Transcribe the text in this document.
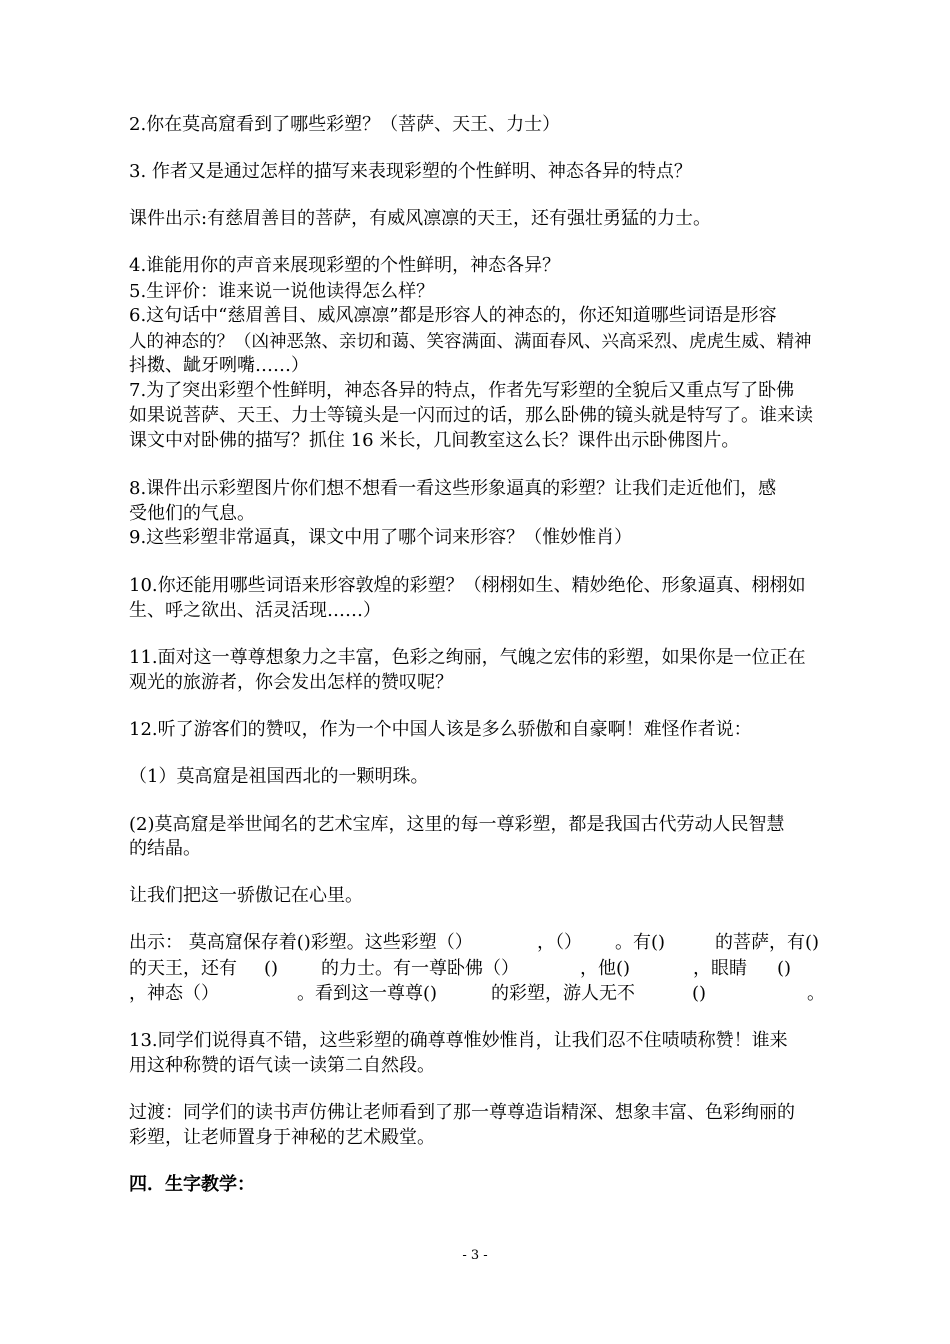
2.你在莫高窟看到了哪些彩塑？（菩萨、天王、力士）
3. 作者又是通过怎样的描写来表现彩塑的个性鲜明、神态各异的特点？
课件出示:有慈眉善目的菩萨，有威风凛凛的天王，还有强壮勇猛的力士。
4.谁能用你的声音来展现彩塑的个性鲜明，神态各异？
5.生评价：谁来说一说他读得怎么样？
6.这句话中“慈眉善目、威风凛凛”都是形容人的神态的，你还知道哪些词语是形容
人的神态的？（凶神恶煞、亲切和蔼、笑容满面、满面春风、兴高采烈、虎虎生威、精神
抖擞、龇牙咧嘴……）
7.为了突出彩塑个性鲜明，神态各异的特点，作者先写彩塑的全貌后又重点写了卧佛
如果说菩萨、天王、力士等镜头是一闪而过的话，那么卧佛的镜头就是特写了。谁来读
课文中对卧佛的描写？抓住 16 米长，几间教室这么长？课件出示卧佛图片。
8.课件出示彩塑图片你们想不想看一看这些形象逼真的彩塑？让我们走近他们，感
受他们的气息。
9.这些彩塑非常逼真，课文中用了哪个词来形容？（惟妙惟肖）
10.你还能用哪些词语来形容敦煌的彩塑？（栩栩如生、精妙绝伦、形象逼真、栩栩如
生、呼之欲出、活灵活现……）
11.面对这一尊尊想象力之丰富，色彩之绚丽，气魄之宏伟的彩塑，如果你是一位正在
观光的旅游者，你会发出怎样的赞叹呢？
12.听了游客们的赞叹，作为一个中国人该是多么骄傲和自豪啊！难怪作者说：
（1）莫高窟是祖国西北的一颗明珠。
(2)莫高窟是举世闻名的艺术宝库，这里的每一尊彩塑，都是我国古代劳动人民智慧
的结晶。
让我们把这一骄傲记在心里。
出示： 莫高窟保存着()彩塑。这些彩塑（）	，（） 。有()	的菩萨，有()
的天王，还有 () 的力士。有一尊卧佛（）	，他()	，眼睛 ()
，神态（）	。看到这一尊尊()	的彩塑，游人无不	()	。
13.同学们说得真不错，这些彩塑的确尊尊惟妙惟肖，让我们忍不住啧啧称赞！谁来
用这种称赞的语气读一读第二自然段。
过渡：同学们的读书声仿佛让老师看到了那一尊尊造诣精深、想象丰富、色彩绚丽的
彩塑，让老师置身于神秘的艺术殿堂。
四．生字教学：
- 3 -
